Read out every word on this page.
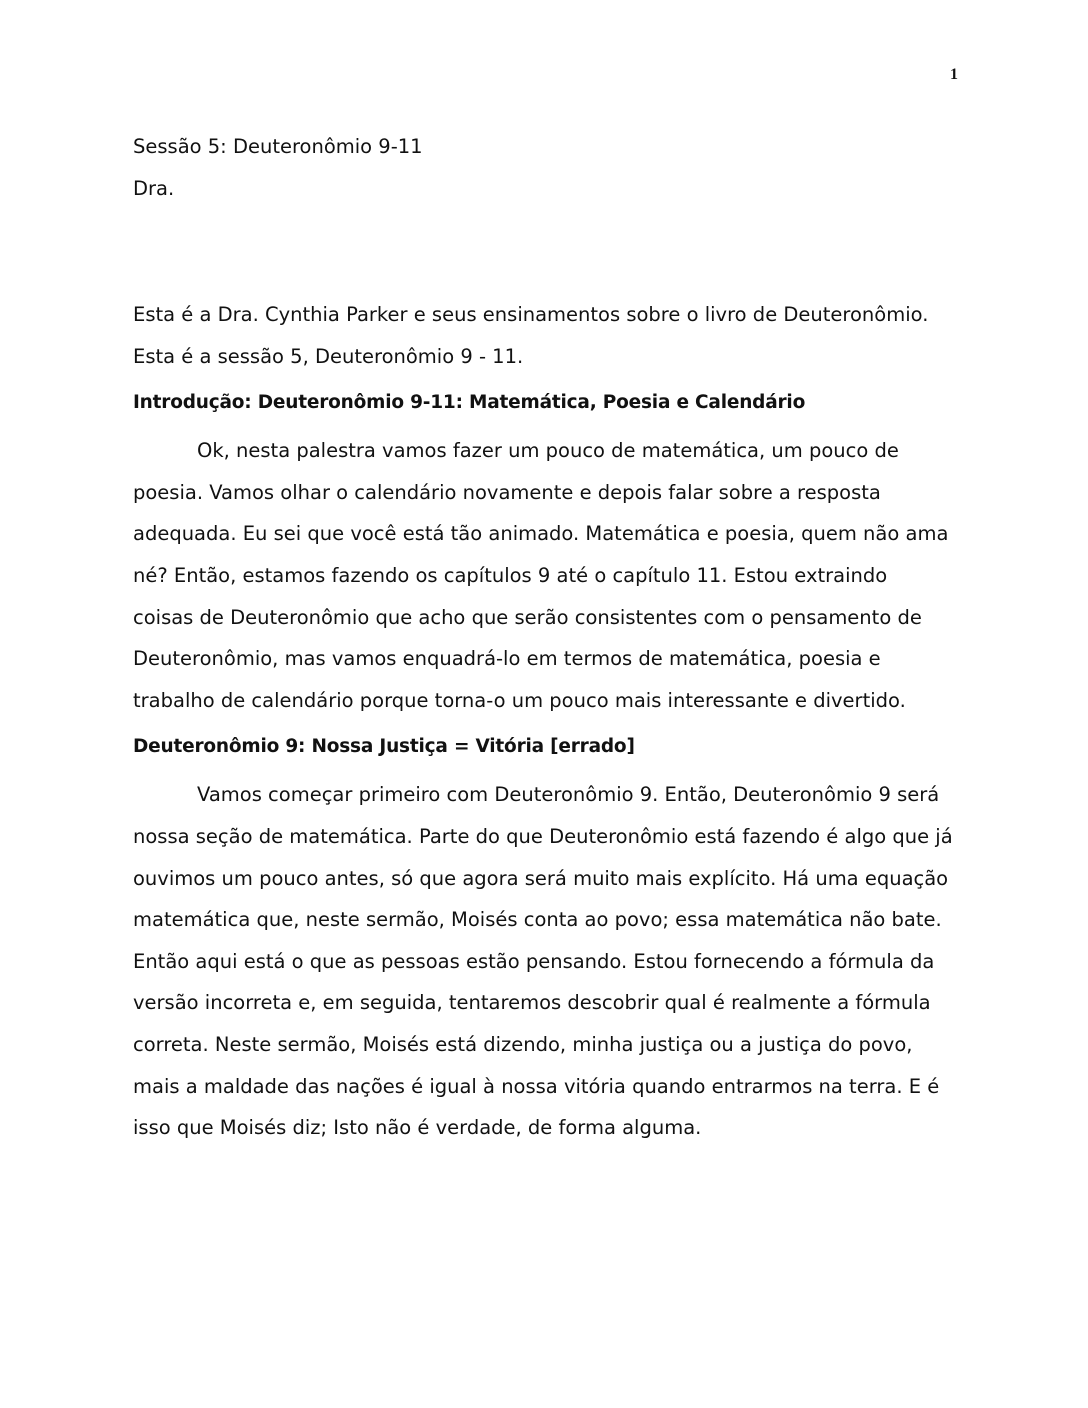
1

Sessão 5: Deuteronômio 9-11

Dra.

Esta é a Dra. Cynthia Parker e seus ensinamentos sobre o livro de Deuteronômio. Esta é a sessão 5, Deuteronômio 9 - 11.

Introdução: Deuteronômio 9-11: Matemática, Poesia e Calendário

Ok, nesta palestra vamos fazer um pouco de matemática, um pouco de poesia. Vamos olhar o calendário novamente e depois falar sobre a resposta adequada. Eu sei que você está tão animado. Matemática e poesia, quem não ama né? Então, estamos fazendo os capítulos 9 até o capítulo 11. Estou extraindo coisas de Deuteronômio que acho que serão consistentes com o pensamento de Deuteronômio, mas vamos enquadrá-lo em termos de matemática, poesia e trabalho de calendário porque torna-o um pouco mais interessante e divertido.

Deuteronômio 9: Nossa Justiça = Vitória [errado]

Vamos começar primeiro com Deuteronômio 9. Então, Deuteronômio 9 será nossa seção de matemática. Parte do que Deuteronômio está fazendo é algo que já ouvimos um pouco antes, só que agora será muito mais explícito. Há uma equação matemática que, neste sermão, Moisés conta ao povo; essa matemática não bate. Então aqui está o que as pessoas estão pensando. Estou fornecendo a fórmula da versão incorreta e, em seguida, tentaremos descobrir qual é realmente a fórmula correta. Neste sermão, Moisés está dizendo, minha justiça ou a justiça do povo, mais a maldade das nações é igual à nossa vitória quando entrarmos na terra. E é isso que Moisés diz; Isto não é verdade, de forma alguma.
